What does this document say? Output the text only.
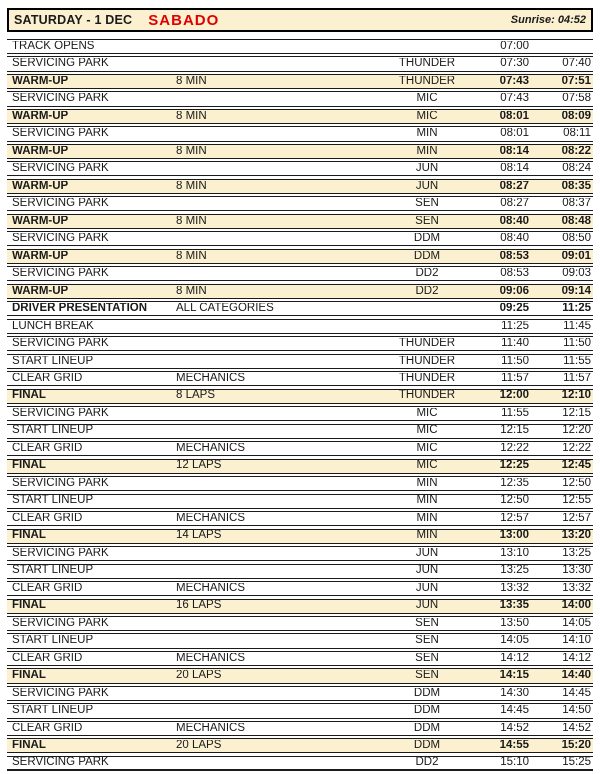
SATURDAY - 1 DEC SABADO	Sunrise: 04:52
TRACK OPENS	07:00
SERVICING PARK	THUNDER	07:30	07:40
WARM-UP	8 MIN	THUNDER	07:43	07:51
SERVICING PARK	MIC	07:43	07:58
WARM-UP	8 MIN	MIC	08:01	08:09
SERVICING PARK	MIN	08:01	08:11
WARM-UP	8 MIN	MIN	08:14	08:22
SERVICING PARK	JUN	08:14	08:24
WARM-UP	8 MIN	JUN	08:27	08:35
SERVICING PARK	SEN	08:27	08:37
WARM-UP	8 MIN	SEN	08:40	08:48
SERVICING PARK	DDM	08:40	08:50
WARM-UP	8 MIN	DDM	08:53	09:01
SERVICING PARK	DD2	08:53	09:03
WARM-UP	8 MIN	DD2	09:06	09:14
DRIVER PRESENTATION	ALL CATEGORIES	09:25	11:25
LUNCH BREAK	11:25	11:45
SERVICING PARK	THUNDER	11:40	11:50
START LINEUP	THUNDER	11:50	11:55
CLEAR GRID	MECHANICS	THUNDER	11:57	11:57
FINAL	8 LAPS	THUNDER	12:00	12:10
SERVICING PARK	MIC	11:55	12:15
START LINEUP	MIC	12:15	12:20
CLEAR GRID	MECHANICS	MIC	12:22	12:22
FINAL	12 LAPS	MIC	12:25	12:45
SERVICING PARK	MIN	12:35	12:50
START LINEUP	MIN	12:50	12:55
CLEAR GRID	MECHANICS	MIN	12:57	12:57
FINAL	14 LAPS	MIN	13:00	13:20
SERVICING PARK	JUN	13:10	13:25
START LINEUP	JUN	13:25	13:30
CLEAR GRID	MECHANICS	JUN	13:32	13:32
FINAL	16 LAPS	JUN	13:35	14:00
SERVICING PARK	SEN	13:50	14:05
START LINEUP	SEN	14:05	14:10
CLEAR GRID	MECHANICS	SEN	14:12	14:12
FINAL	20 LAPS	SEN	14:15	14:40
SERVICING PARK	DDM	14:30	14:45
START LINEUP	DDM	14:45	14:50
CLEAR GRID	MECHANICS	DDM	14:52	14:52
FINAL	20 LAPS	DDM	14:55	15:20
SERVICING PARK	DD2	15:10	15:25
